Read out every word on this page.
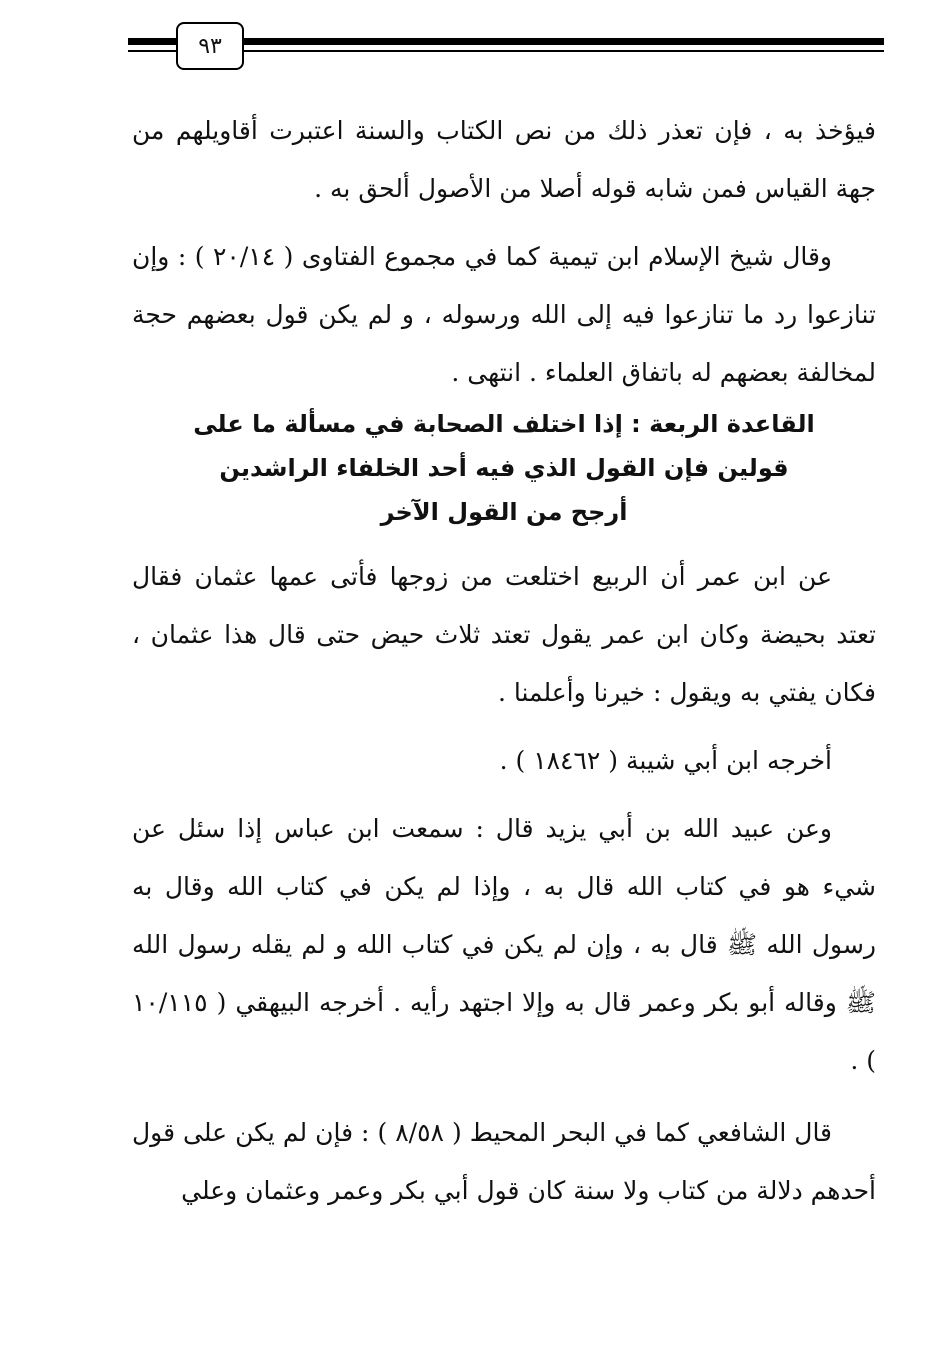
٩٣

فيؤخذ به ، فإن تعذر ذلك من نص الكتاب والسنة اعتبرت أقاويلهم من جهة القياس فمن شابه قوله أصلا من الأصول ألحق به .

وقال شيخ الإسلام ابن تيمية كما في مجموع الفتاوى ( ٢٠/١٤ ) : وإن تنازعوا رد ما تنازعوا فيه إلى الله ورسوله ، و لم يكن قول بعضهم حجة لمخالفة بعضهم له باتفاق العلماء . انتهى .

القاعدة الربعة : إذا اختلف الصحابة في مسألة ما على
قولين فإن القول الذي فيه أحد الخلفاء الراشدين
أرجح من القول الآخر

عن ابن عمر أن الربيع اختلعت من زوجها فأتى عمها عثمان فقال تعتد بحيضة وكان ابن عمر يقول تعتد ثلاث حيض حتى قال هذا عثمان ، فكان يفتي به ويقول : خيرنا وأعلمنا .

أخرجه ابن أبي شيبة ( ١٨٤٦٢ ) .

وعن عبيد الله بن أبي يزيد قال : سمعت ابن عباس إذا سئل عن شيء هو في كتاب الله قال به ، وإذا لم يكن في كتاب الله وقال به رسول الله ﷺ قال به ، وإن لم يكن في كتاب الله و لم يقله رسول الله ﷺ وقاله أبو بكر وعمر قال به وإلا اجتهد رأيه . أخرجه البيهقي ( ١٠/١١٥ ) .

قال الشافعي كما في البحر المحيط ( ٨/٥٨ ) : فإن لم يكن على قول أحدهم دلالة من كتاب ولا سنة كان قول أبي بكر وعمر وعثمان وعلي
